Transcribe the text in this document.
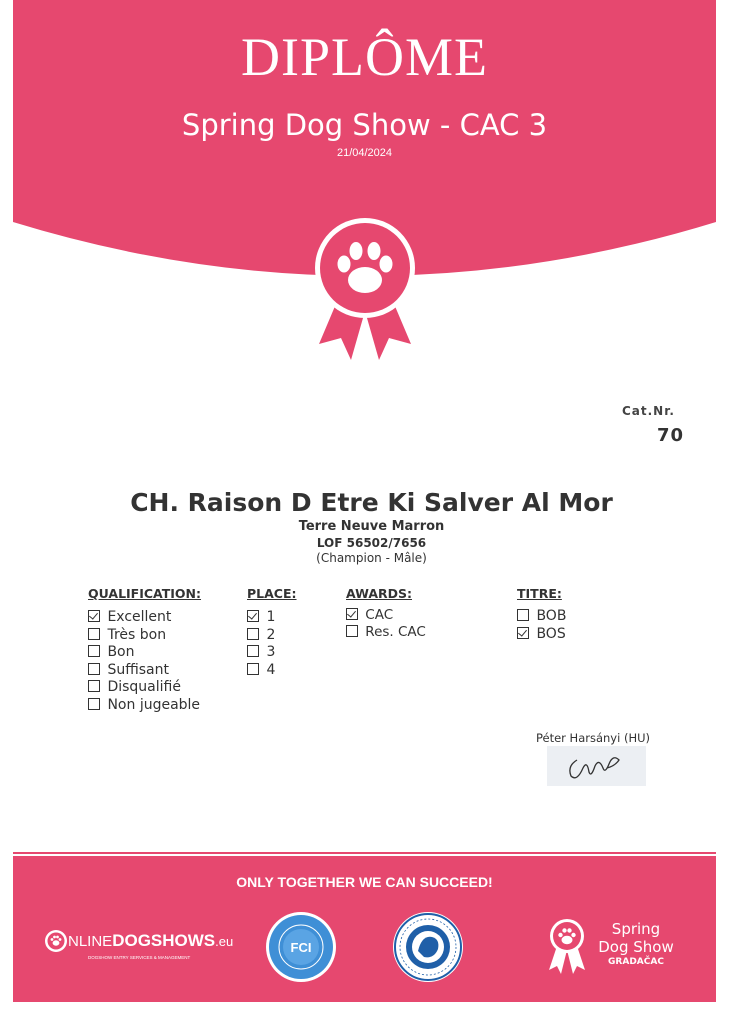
DIPLÔME
Spring Dog Show - CAC 3
21/04/2024
Cat.Nr.
70
CH. Raison D Etre Ki Salver Al Mor
Terre Neuve Marron
LOF 56502/7656
(Champion - Mâle)
QUALIFICATION:
Excellent
Très bon
Bon
Suffisant
Disqualifié
Non jugeable
PLACE:
1
2
3
4
AWARDS:
CAC
Res. CAC
TITRE:
BOB
BOS
Péter Harsányi (HU)
ONLY TOGETHER WE CAN SUCCEED!
NLINE DOGSHOWS .eu
DOGSHOW ENTRY SERVICES & MANAGEMENT
FCI
Spring
Dog Show
GRADAČAC
